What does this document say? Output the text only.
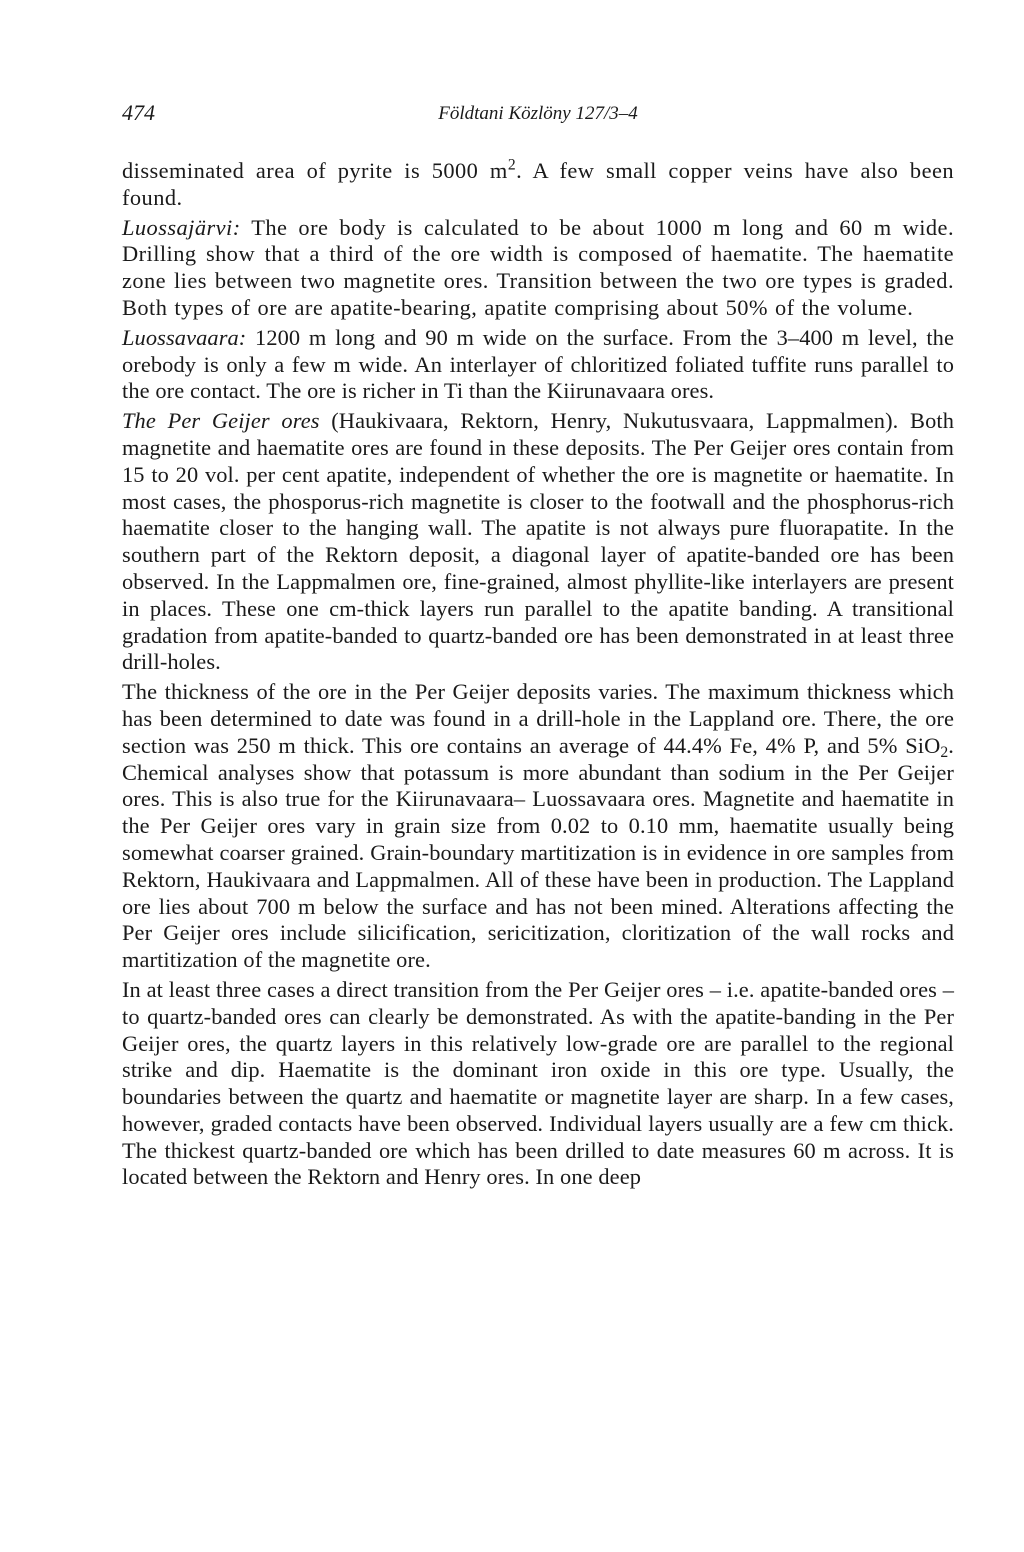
474	Földtani Közlöny 127/3–4

disseminated area of pyrite is 5000 $m^2$. A few small copper veins have also been found.

Luossajärvi: The ore body is calculated to be about 1000 m long and 60 m wide. Drilling show that a third of the ore width is composed of haematite. The haematite zone lies between two magnetite ores. Transition between the two ore types is graded. Both types of ore are apatite-bearing, apatite comprising about 50% of the volume.

Luossavaara: 1200 m long and 90 m wide on the surface. From the 3–400 m level, the orebody is only a few m wide. An interlayer of chloritized foliated tuffite runs parallel to the ore contact. The ore is richer in Ti than the Kiirunavaara ores.

The Per Geijer ores (Haukivaara, Rektorn, Henry, Nukutusvaara, Lappmalmen). Both magnetite and haematite ores are found in these deposits. The Per Geijer ores contain from 15 to 20 vol. per cent apatite, independent of whether the ore is magnetite or haematite. In most cases, the phosporus-rich magnetite is closer to the footwall and the phosphorus-rich haematite closer to the hanging wall. The apatite is not always pure fluorapatite. In the southern part of the Rektorn deposit, a diagonal layer of apatite-banded ore has been observed. In the Lappmalmen ore, fine-grained, almost phyllite-like interlayers are present in places. These one cm-thick layers run parallel to the apatite banding. A transitional gradation from apatite-banded to quartz-banded ore has been demonstrated in at least three drill-holes.

The thickness of the ore in the Per Geijer deposits varies. The maximum thickness which has been determined to date was found in a drill-hole in the Lappland ore. There, the ore section was 250 m thick. This ore contains an average of 44.4% Fe, 4% P, and 5% SiO$_2$. Chemical analyses show that potassum is more abundant than sodium in the Per Geijer ores. This is also true for the Kiirunavaara– Luossavaara ores. Magnetite and haematite in the Per Geijer ores vary in grain size from 0.02 to 0.10 mm, haematite usually being somewhat coarser grained. Grain-boundary martitization is in evidence in ore samples from Rektorn, Haukivaara and Lappmalmen. All of these have been in production. The Lappland ore lies about 700 m below the surface and has not been mined. Alterations affecting the Per Geijer ores include silicification, sericitization, cloritization of the wall rocks and martitization of the magnetite ore.

In at least three cases a direct transition from the Per Geijer ores – i.e. apatite-banded ores – to quartz-banded ores can clearly be demonstrated. As with the apatite-banding in the Per Geijer ores, the quartz layers in this relatively low-grade ore are parallel to the regional strike and dip. Haematite is the dominant iron oxide in this ore type. Usually, the boundaries between the quartz and haematite or magnetite layer are sharp. In a few cases, however, graded contacts have been observed. Individual layers usually are a few cm thick. The thickest quartz-banded ore which has been drilled to date measures 60 m across. It is located between the Rektorn and Henry ores. In one deep
